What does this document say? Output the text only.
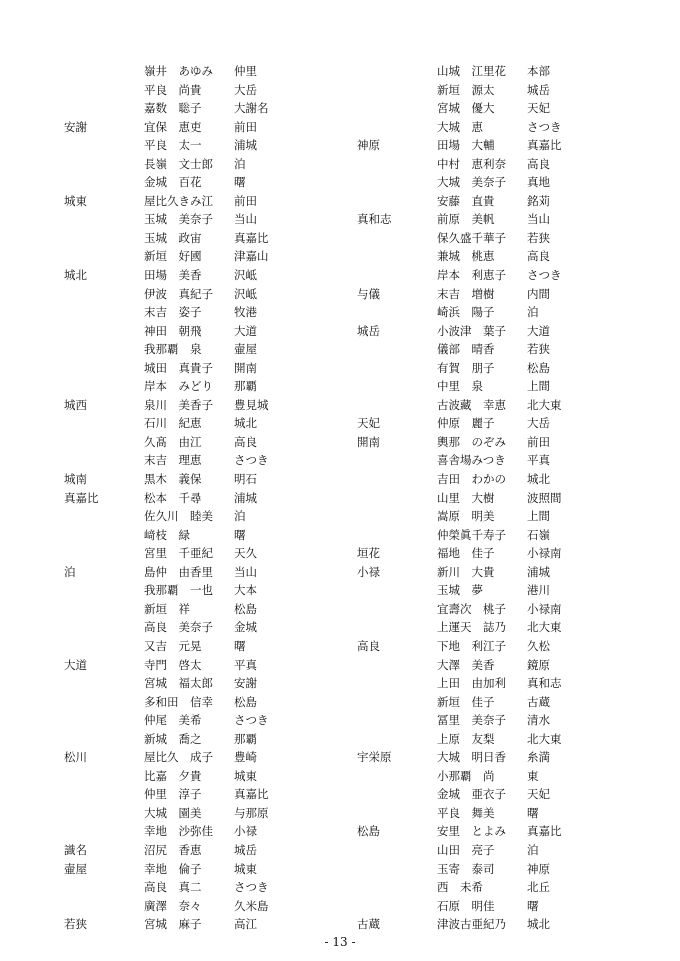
嶺井　あゆみ 仲里
平良　尚貴	大岳
嘉数　聡子	大謝名
安謝	宜保　恵吏	前田
平良　太一	浦城
長嶺　文士郎 泊
金城　百花	曙
城東	屋比久きみ江 前田
玉城　美奈子 当山
玉城　政宙	真嘉比
新垣　好國	津嘉山
城北	田場　美香	沢岻
伊波　真紀子 沢岻
末吉　姿子	牧港
神田　朝飛	大道
我那覇　泉	壷屋
城田　真貴子 開南
岸本　みどり 那覇
城西	泉川　美香子 豊見城
石川　紀恵	城北
久髙　由江	高良
末吉　理恵	さつき
城南	黒木　義保	明石
真嘉比	松本　千尋	浦城
佐久川　睦美 泊
﨑枝　緑	曙
宮里　千亜紀 天久
泊	島仲　由香里 当山
我那覇　一也 大本
新垣　祥	松島
高良　美奈子 金城
又吉　元晃	曙
大道	寺門　啓太	平真
宮城　福太郎 安謝
多和田　信幸 松島
仲尾　美希	さつき
新城　喬之	那覇
松川	屋比久　成子 豊崎
比嘉　夕貴	城東
仲里　淳子	真嘉比
大城　園美	与那原
幸地　沙弥佳 小禄
識名	沼尻　香恵	城岳
壷屋	幸地　倫子	城東
高良　真二	さつき
廣澤　奈々	久米島
若狭	宮城　麻子	高江
山城　江里花 本部
新垣　源太	城岳
宮城　優大	天妃
大城　恵	さつき
神原	田場　大輔	真嘉比
中村　恵利奈 高良
大城　美奈子 真地
安藤　直貴	銘苅
真和志	前原　美帆	当山
保久盛千華子 若狭
兼城　桃恵	高良
岸本　利恵子 さつき
与儀	末吉　増樹	内間
崎浜　陽子	泊
城岳	小波津　葉子 大道
儀部　晴香	若狭
有賀　朋子	松島
中里　泉	上間
古波藏　幸恵 北大東
天妃	仲原　麗子	大岳
開南	輿那　のぞみ 前田
喜舎場みつき 平真
吉田　わかの 城北
山里　大樹	波照間
嵩原　明美	上間
仲榮眞千寿子 石嶺
垣花	福地　佳子	小禄南
小禄	新川　大貴	浦城
玉城　夢	港川
宜壽次　桃子 小禄南
上運天　誌乃 北大東
高良	下地　利江子 久松
大澤　美香	鏡原
上田　由加利 真和志
新垣　佳子	古蔵
冨里　美奈子 清水
上原　友梨	北大東
宇栄原	大城　明日香 糸満
小那覇　尚	東
金城　亜衣子 天妃
平良　舞美	曙
松島	安里　とよみ 真嘉比
山田　亮子	泊
玉寄　泰司	神原
西　未希	北丘
石原　明佳	曙
古蔵	津波古亜紀乃 城北
- 13 -
